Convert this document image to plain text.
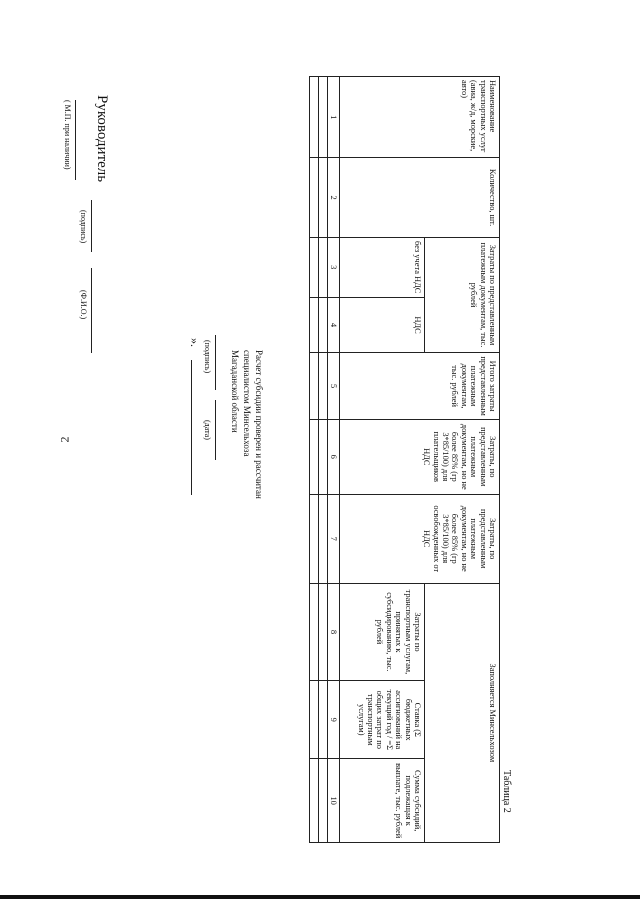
2
Таблица 2
Наименование транспортных услуг (авиа, ж/д, морские, авто)	Количество, шт.	Затраты по представленным платежным документам, тыс. рублей		Итого затраты представленным платежным документам, тыс. рублей	Затраты, по представленным платежным документам, но не более 85% (гр 3*85/100) для плательщиков НДС	Затраты, по представленным платежным документам, но не более 85% (гр 3*85/100) для освобожденных от НДС	Заполняется Минсельхозом		
		без учета НДС	НДС				Затраты по транспортным услугам, принятых к субсидированию, тыс. рублей	Ставка (Σ бюджетных ассигнований на текущий год / =Σ общих затрат по транспортным услугам)	Сумма субсидий, подлежащая к выплате, тыс. рублей
1	2	3	4	5	6	7	8	9	10

Руководитель
(подпись)
(Ф.И.О.)
( М.П. при наличии)
Расчет субсидии проверен и рассчитан
специалистом Минсельхоза
Магаданской области
(подпись)
(дата)
».
